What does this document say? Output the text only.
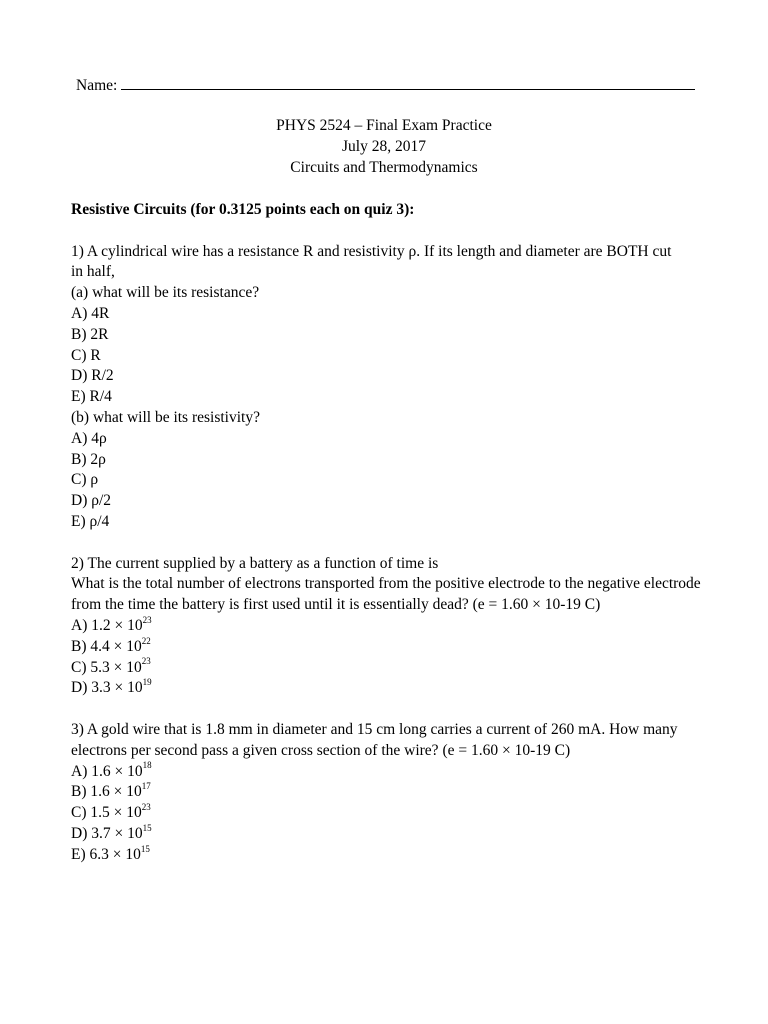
Name:
PHYS 2524 – Final Exam Practice
July 28, 2017
Circuits and Thermodynamics
Resistive Circuits (for 0.3125 points each on quiz 3):
1) A cylindrical wire has a resistance R and resistivity ρ. If its length and diameter are BOTH cut
in half,
(a) what will be its resistance?
A) 4R
B) 2R
C) R
D) R/2
E) R/4
(b) what will be its resistivity?
A) 4ρ
B) 2ρ
C) ρ
D) ρ/2
E) ρ/4
2) The current supplied by a battery as a function of time is
What is the total number of electrons transported from the positive electrode to the negative electrode from the time the battery is first used until it is essentially dead? (e = 1.60 × 10-19 C)
A) $1.2 \times 10^{23}$
B) $4.4 \times 10^{22}$
C) $5.3 \times 10^{23}$
D) $3.3 \times 10^{19}$
3) A gold wire that is 1.8 mm in diameter and 15 cm long carries a current of 260 mA. How many electrons per second pass a given cross section of the wire? (e = 1.60 × 10-19 C)
A) $1.6 \times 10^{18}$
B) $1.6 \times 10^{17}$
C) $1.5 \times 10^{23}$
D) $3.7 \times 10^{15}$
E) $6.3 \times 10^{15}$
